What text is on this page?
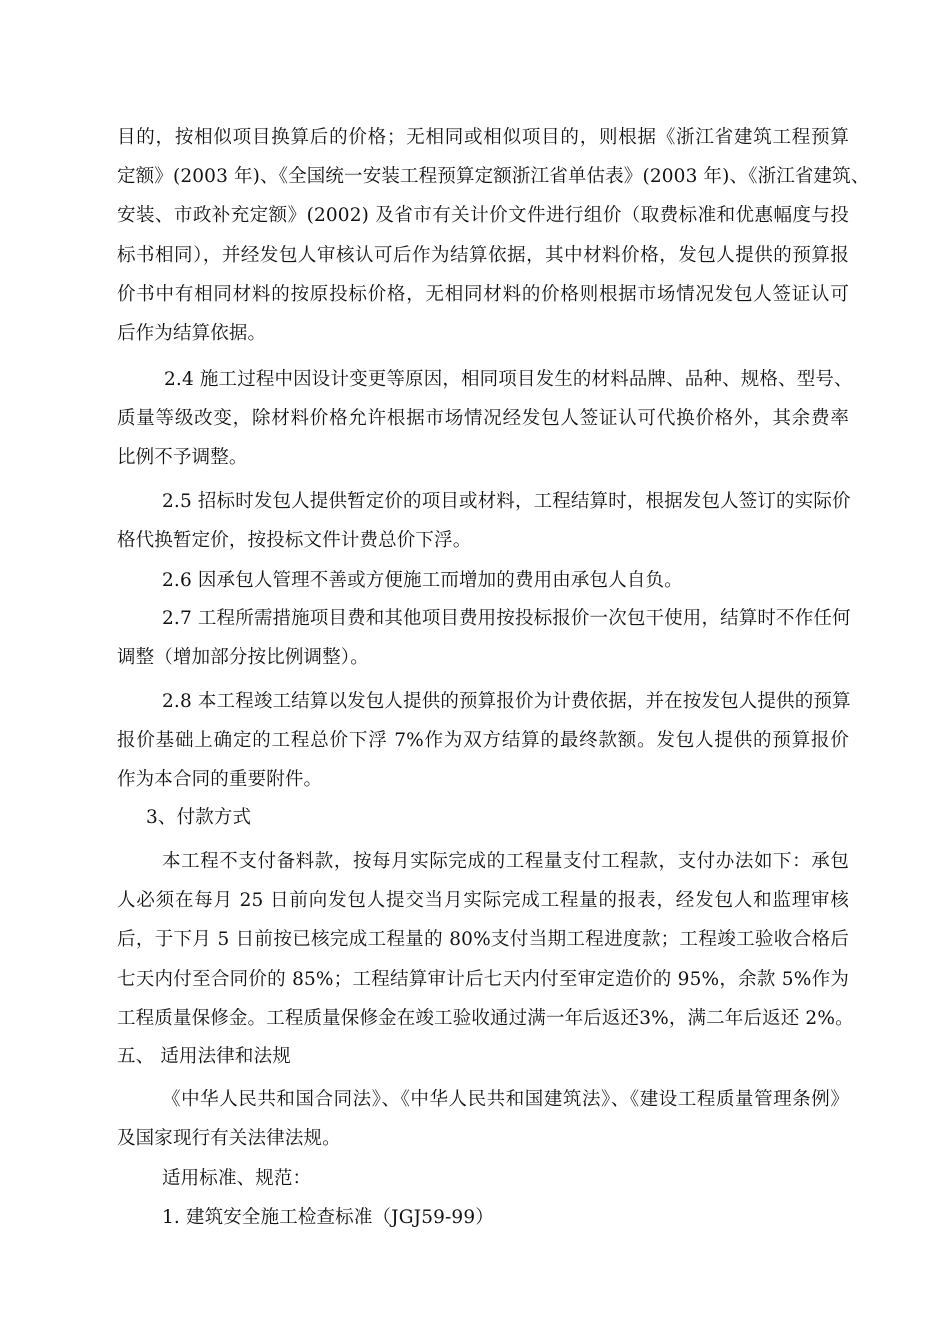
目的，按相似项目换算后的价格；无相同或相似项目的，则根据《浙江省建筑工程预算
定额》(2003 年)、《全国统一安装工程预算定额浙江省单估表》(2003 年)、《浙江省建筑、
安装、市政补充定额》(2002) 及省市有关计价文件进行组价（取费标准和优惠幅度与投
标书相同），并经发包人审核认可后作为结算依据，其中材料价格，发包人提供的预算报
价书中有相同材料的按原投标价格，无相同材料的价格则根据市场情况发包人签证认可
后作为结算依据。
2.4 施工过程中因设计变更等原因，相同项目发生的材料品牌、品种、规格、型号、
质量等级改变，除材料价格允许根据市场情况经发包人签证认可代换价格外，其余费率
比例不予调整。
2.5 招标时发包人提供暂定价的项目或材料，工程结算时，根据发包人签订的实际价
格代换暂定价，按投标文件计费总价下浮。
2.6 因承包人管理不善或方便施工而增加的费用由承包人自负。
2.7 工程所需措施项目费和其他项目费用按投标报价一次包干使用，结算时不作任何
调整（增加部分按比例调整）。
2.8 本工程竣工结算以发包人提供的预算报价为计费依据，并在按发包人提供的预算
报价基础上确定的工程总价下浮 7%作为双方结算的最终款额。发包人提供的预算报价
作为本合同的重要附件。
3、付款方式
本工程不支付备料款，按每月实际完成的工程量支付工程款，支付办法如下：承包
人必须在每月 25 日前向发包人提交当月实际完成工程量的报表，经发包人和监理审核
后，于下月 5 日前按已核完成工程量的 80%支付当期工程进度款；工程竣工验收合格后
七天内付至合同价的 85%；工程结算审计后七天内付至审定造价的 95%，余款 5%作为
工程质量保修金。工程质量保修金在竣工验收通过满一年后返还3%，满二年后返还 2%。
五、 适用法律和法规
《中华人民共和国合同法》、《中华人民共和国建筑法》、《建设工程质量管理条例》
及国家现行有关法律法规。
适用标准、规范：
1. 建筑安全施工检查标准（JGJ59-99）
